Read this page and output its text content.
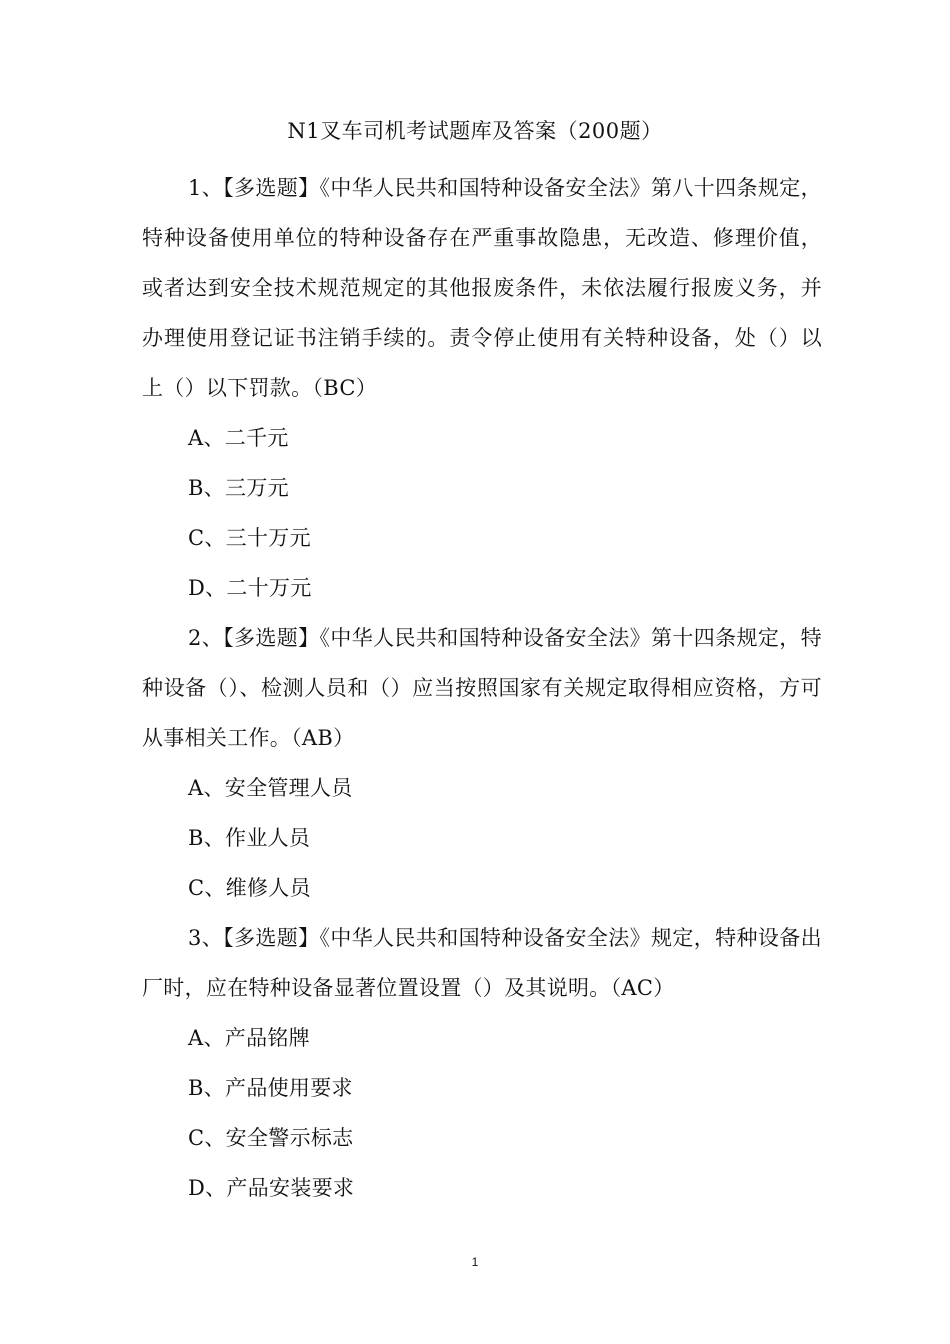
N1叉车司机考试题库及答案（200题）

1、【多选题】《中华人民共和国特种设备安全法》第八十四条规定，特种设备使用单位的特种设备存在严重事故隐患，无改造、修理价值，或者达到安全技术规范规定的其他报废条件，未依法履行报废义务，并办理使用登记证书注销手续的。责令停止使用有关特种设备，处（）以上（）以下罚款。（BC）

A、二千元

B、三万元

C、三十万元

D、二十万元

2、【多选题】《中华人民共和国特种设备安全法》第十四条规定，特种设备（）、检测人员和（）应当按照国家有关规定取得相应资格，方可从事相关工作。（AB）

A、安全管理人员

B、作业人员

C、维修人员

3、【多选题】《中华人民共和国特种设备安全法》规定，特种设备出厂时，应在特种设备显著位置设置（）及其说明。（AC）

A、产品铭牌

B、产品使用要求

C、安全警示标志

D、产品安装要求

1
